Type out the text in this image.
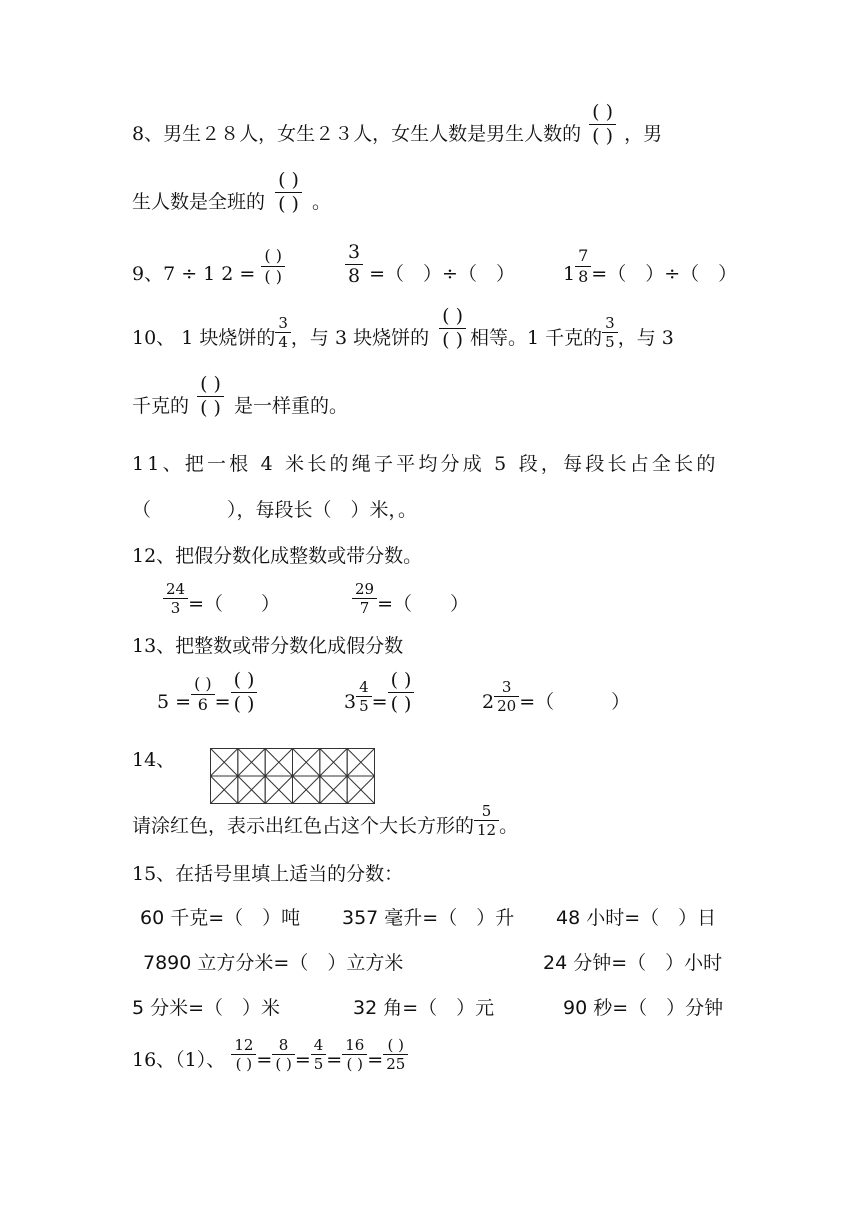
8、男生２８人，女生２３人，女生人数是男生人数的 $\frac{( )}{( )}$ ，男
生人数是全班的 $\frac{( )}{( )}$ 。
9、7 ÷ 1 $2 = \frac{( )}{( )}$	$\frac{3}{8}$ =（　）÷（　）	$1 \frac{7}{8}$ =（　）÷（　）
10、 1 块烧饼的 $\frac{3}{4}$ ，与 3 块烧饼的 $\frac{( )}{( )}$ 相等。1 千克的 $\frac{3}{5}$ ，与 3
千克的 $\frac{( )}{( )}$ 是一样重的。
11、把一根 4 米长的绳子平均分成 5 段，每段长占全长的
（　　　　），每段长（　）米，。
12、把假分数化成整数或带分数。
$\frac{24}{3}$ =（　　）	$\frac{29}{7}$ =（　　）
13、把整数或带分数化成假分数
$5 = \frac{( )}{6} = \frac{( )}{( )}$	$3 \frac{4}{5} = \frac{( )}{( )}$	$2 \frac{3}{20}$ =（　　　）
14、
请涂红色，表示出红色占这个大长方形的 $\frac{5}{12}$ 。
15、在括号里填上适当的分数：
60 千克=（　）吨 357 毫升=（　）升 48 小时=（　）日
7890 立方分米=（　）立方米	24 分钟=（　）小时
5 分米=（　）米	32 角=（　）元	90 秒=（　）分钟
16、（1）、 $\frac{12}{( )} = \frac{8}{( )} = \frac{4}{5} = \frac{16}{( )} = \frac{( )}{25}$
